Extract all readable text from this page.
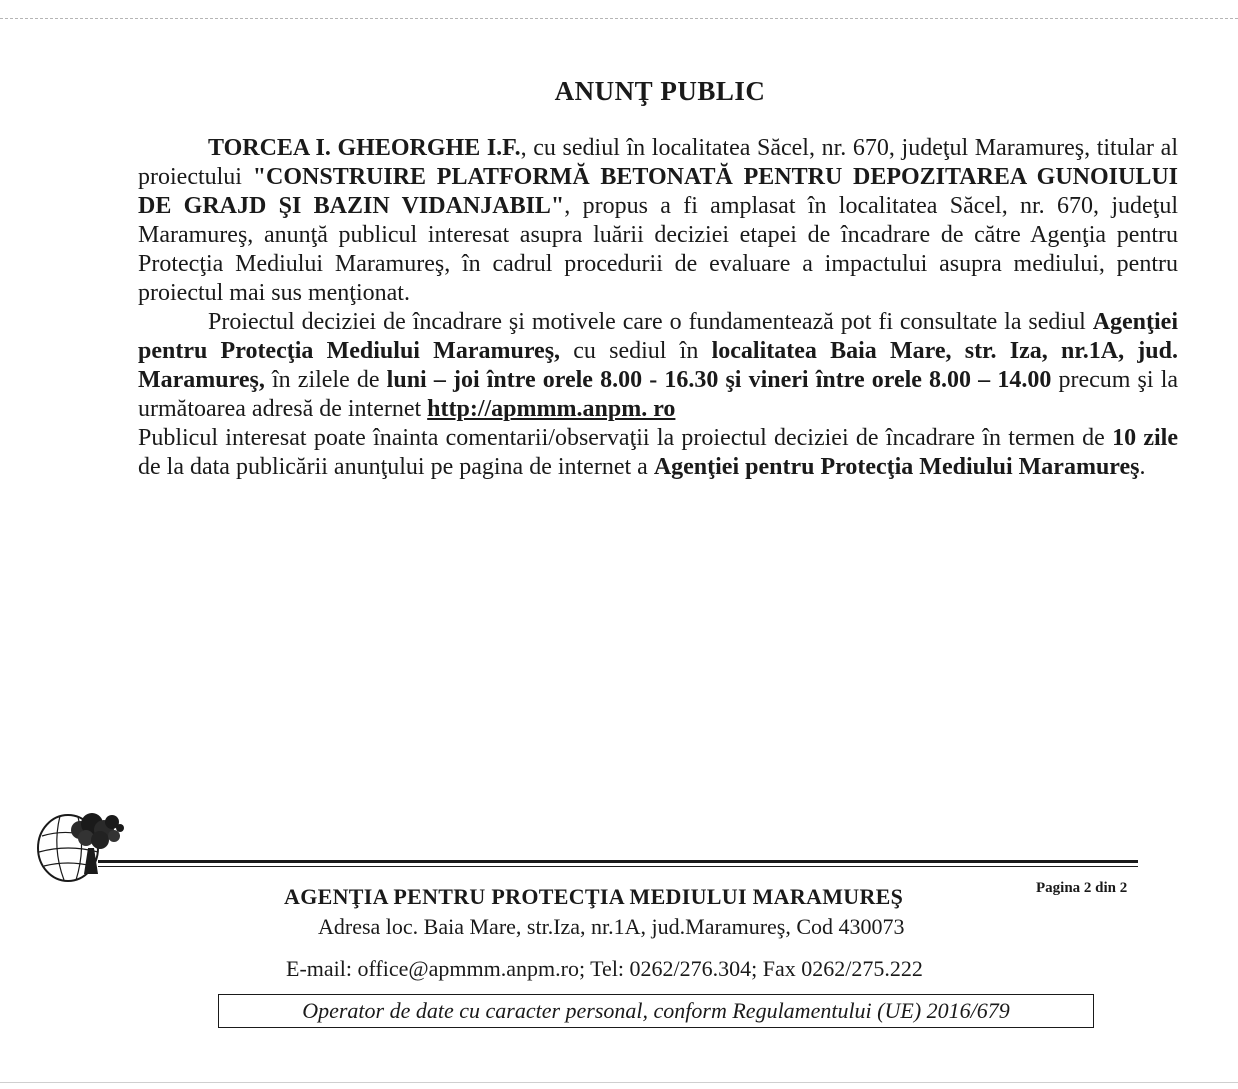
ANUNŢ PUBLIC

TORCEA I. GHEORGHE I.F., cu sediul în localitatea Săcel, nr. 670, judeţul Maramureş, titular al proiectului "CONSTRUIRE PLATFORMĂ BETONATĂ PENTRU DEPOZITAREA GUNOIULUI DE GRAJD ŞI BAZIN VIDANJABIL", propus a fi amplasat în localitatea Săcel, nr. 670, judeţul Maramureş, anunţă publicul interesat asupra luării deciziei etapei de încadrare de către Agenţia pentru Protecţia Mediului Maramureş, în cadrul procedurii de evaluare a impactului asupra mediului, pentru proiectul mai sus menţionat.

Proiectul deciziei de încadrare şi motivele care o fundamentează pot fi consultate la sediul Agenţiei pentru Protecţia Mediului Maramureş, cu sediul în localitatea Baia Mare, str. Iza, nr.1A, jud. Maramureş, în zilele de luni – joi între orele 8.00 - 16.30 şi vineri între orele 8.00 – 14.00 precum şi la următoarea adresă de internet http://apmmm.anpm. ro

Publicul interesat poate înainta comentarii/observaţii la proiectul deciziei de încadrare în termen de 10 zile de la data publicării anunţului pe pagina de internet a Agenţiei pentru Protecţia Mediului Maramureş.

AGENŢIA PENTRU PROTECŢIA MEDIULUI MARAMUREŞ	Pagina 2 din 2
Adresa loc. Baia Mare, str.Iza, nr.1A, jud.Maramureş, Cod 430073
E-mail: office@apmmm.anpm.ro; Tel: 0262/276.304; Fax 0262/275.222
Operator de date cu caracter personal, conform Regulamentului (UE) 2016/679
